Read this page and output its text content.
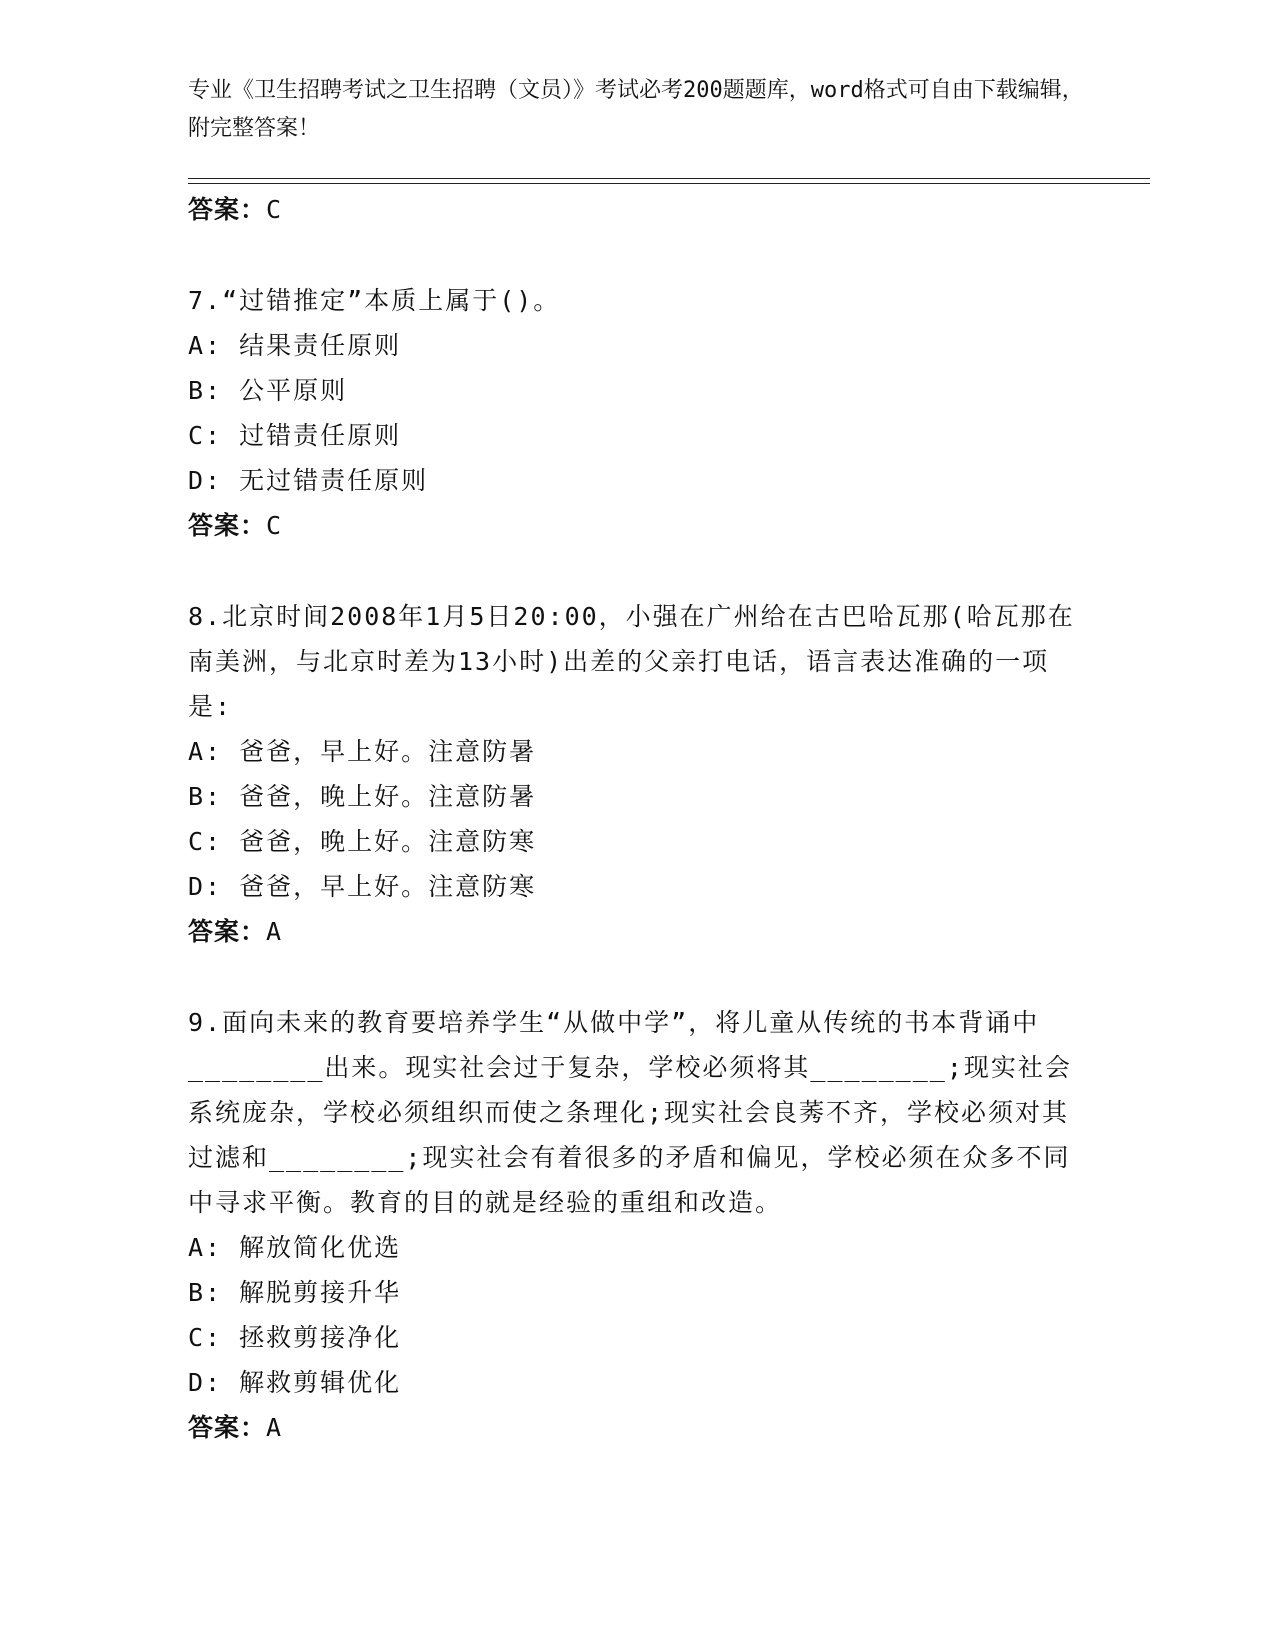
专业《卫生招聘考试之卫生招聘（文员）》考试必考200题题库，word格式可自由下载编辑，附完整答案！
答案：C
7.“过错推定”本质上属于()。
A: 结果责任原则
B: 公平原则
C: 过错责任原则
D: 无过错责任原则
答案：C
8.北京时间2008年1月5日20:00，小强在广州给在古巴哈瓦那(哈瓦那在南美洲，与北京时差为13小时)出差的父亲打电话，语言表达准确的一项是:
A: 爸爸，早上好。注意防暑
B: 爸爸，晚上好。注意防暑
C: 爸爸，晚上好。注意防寒
D: 爸爸，早上好。注意防寒
答案：A
9.面向未来的教育要培养学生“从做中学”，将儿童从传统的书本背诵中________出来。现实社会过于复杂，学校必须将其________;现实社会系统庞杂，学校必须组织而使之条理化;现实社会良莠不齐，学校必须对其过滤和________;现实社会有着很多的矛盾和偏见，学校必须在众多不同中寻求平衡。教育的目的就是经验的重组和改造。
A: 解放简化优选
B: 解脱剪接升华
C: 拯救剪接净化
D: 解救剪辑优化
答案：A
